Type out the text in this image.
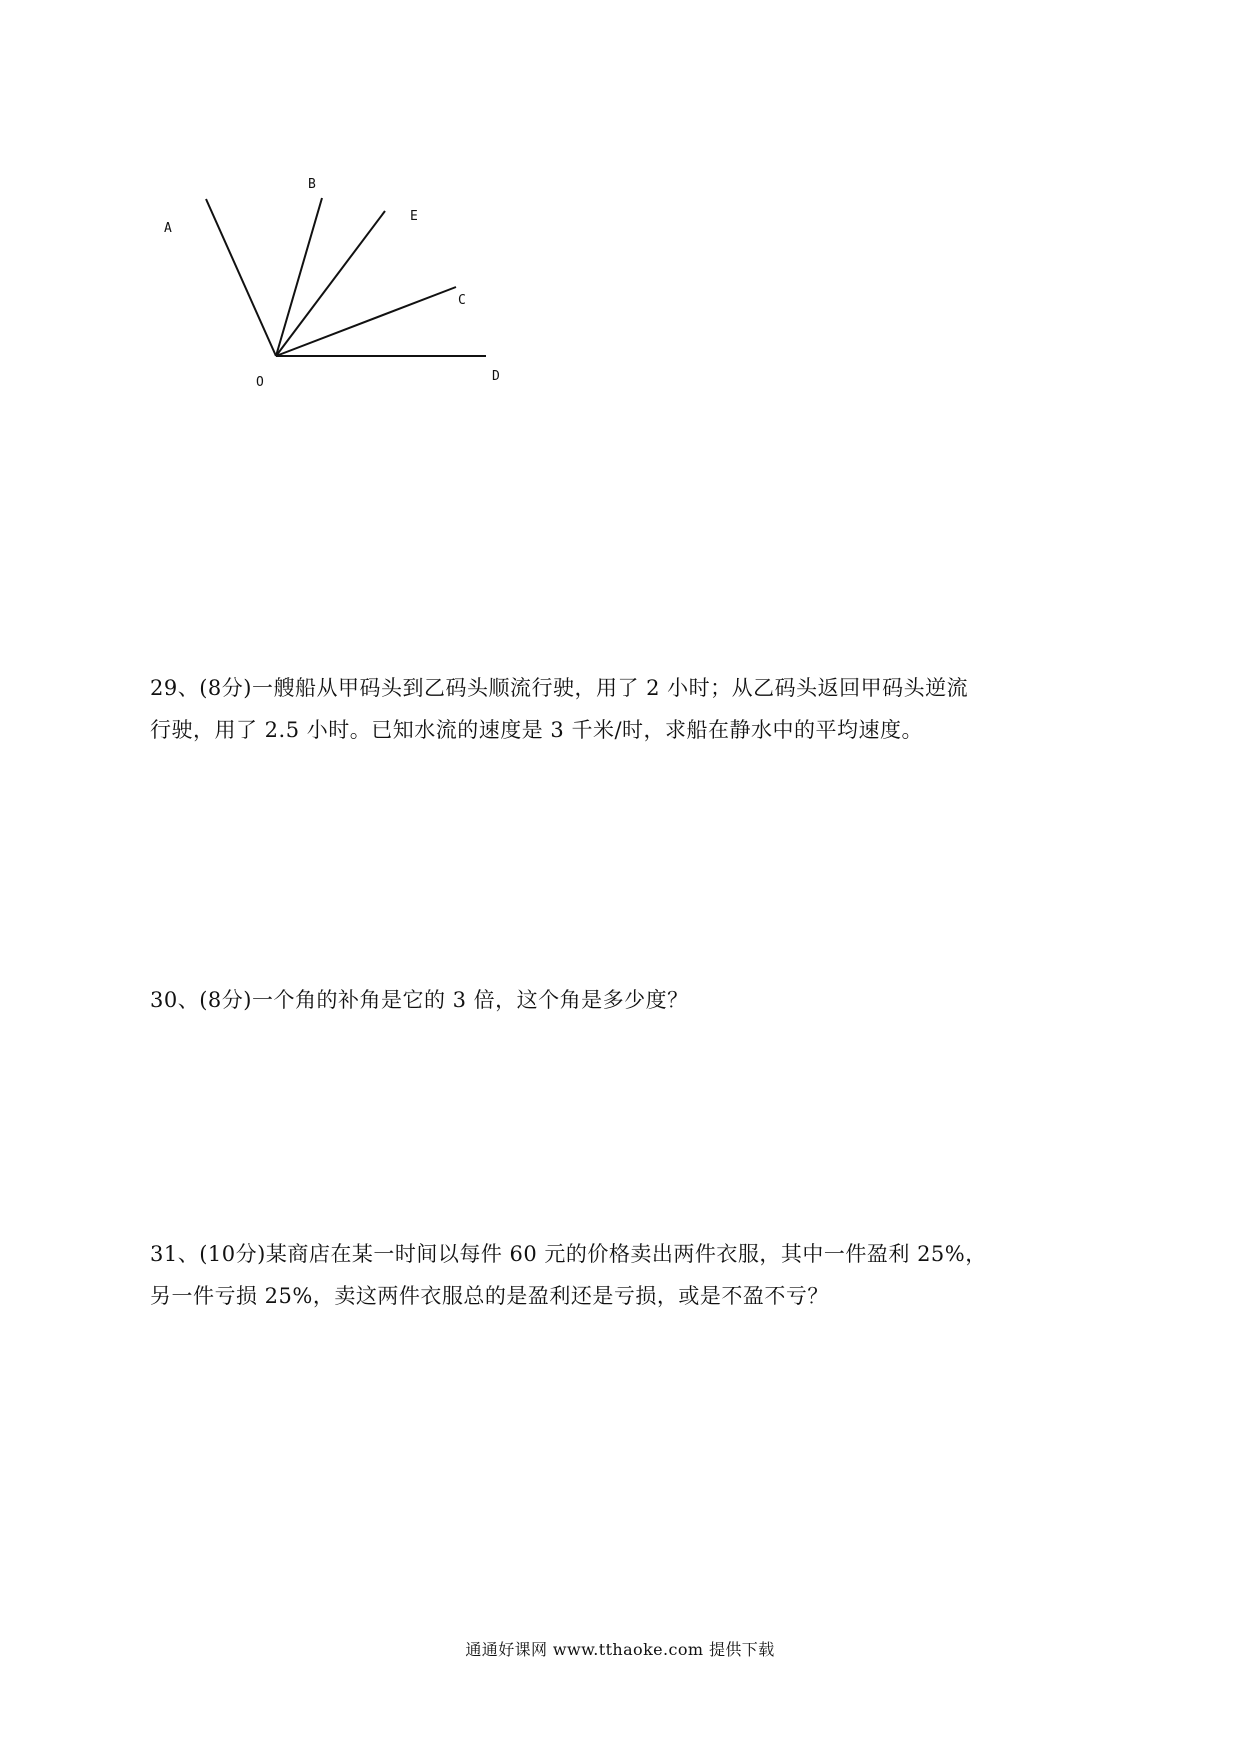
A
B
E
C
O	D
29、(8分)一艘船从甲码头到乙码头顺流行驶，用了 2 小时；从乙码头返回甲码头逆流
行驶，用了 2.5 小时。已知水流的速度是 3 千米/时，求船在静水中的平均速度。
30、(8分)一个角的补角是它的 3 倍，这个角是多少度？
31、(10分)某商店在某一时间以每件 60 元的价格卖出两件衣服，其中一件盈利 25%，
另一件亏损 25%，卖这两件衣服总的是盈利还是亏损，或是不盈不亏？
通通好课网 www.tthaoke.com 提供下载
